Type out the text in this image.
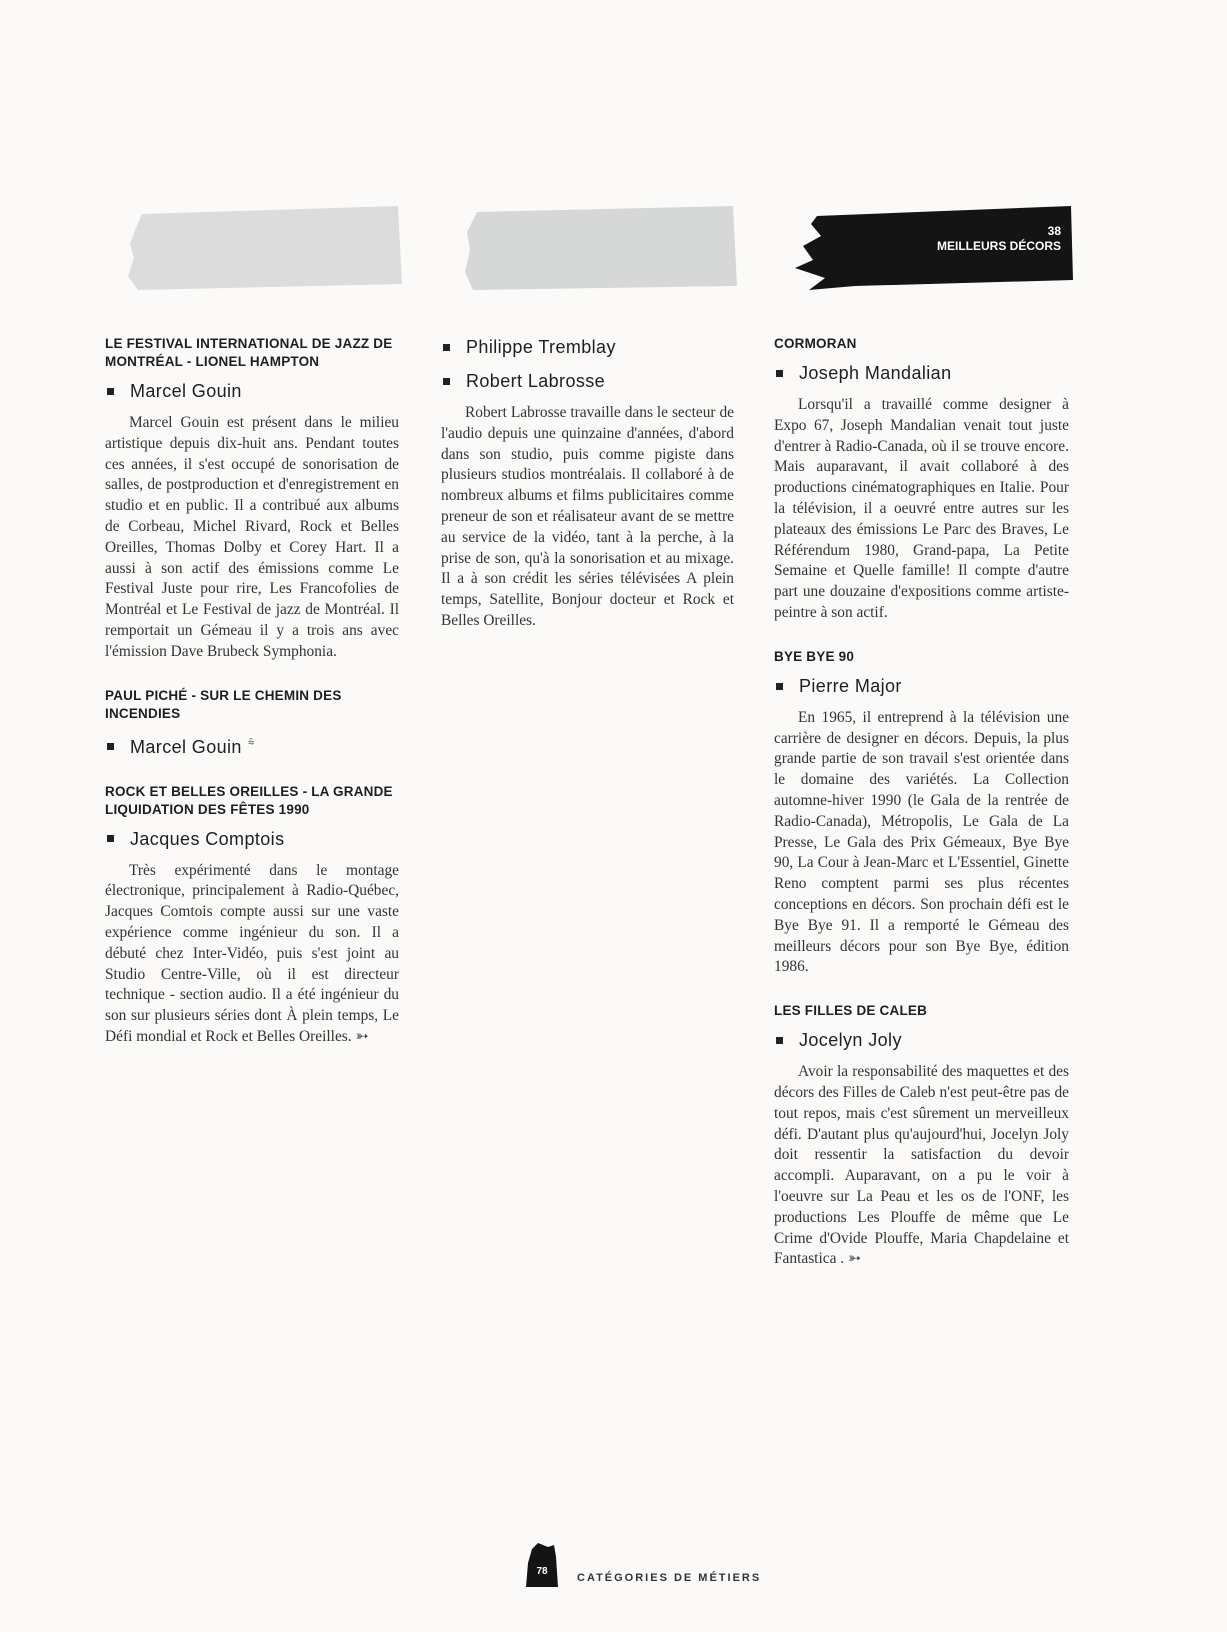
38
MEILLEURS DÉCORS
LE FESTIVAL INTERNATIONAL DE JAZZ DE MONTRÉAL - LIONEL HAMPTON
Marcel Gouin

Marcel Gouin est présent dans le milieu artistique depuis dix-huit ans. Pendant toutes ces années, il s'est occupé de sonorisation de salles, de postproduction et d'enregistrement en studio et en public. Il a contribué aux albums de Corbeau, Michel Rivard, Rock et Belles Oreilles, Thomas Dolby et Corey Hart. Il a aussi à son actif des émissions comme Le Festival Juste pour rire, Les Francofolies de Montréal et Le Festival de jazz de Montréal. Il remportait un Gémeau il y a trois ans avec l'émission Dave Brubeck Symphonia.

PAUL PICHÉ - SUR LE CHEMIN DES INCENDIES
Marcel Gouin ⩯
ROCK ET BELLES OREILLES - LA GRANDE LIQUIDATION DES FÊTES 1990
Jacques Comptois

Très expérimenté dans le montage électronique, principalement à Radio-Québec, Jacques Comtois compte aussi sur une vaste expérience comme ingénieur du son. Il a débuté chez Inter-Vidéo, puis s'est joint au Studio Centre-Ville, où il est directeur technique - section audio. Il a été ingénieur du son sur plusieurs séries dont À plein temps, Le Défi mondial et Rock et Belles Oreilles. ➳

Philippe Tremblay
Robert Labrosse

Robert Labrosse travaille dans le secteur de l'audio depuis une quinzaine d'années, d'abord dans son studio, puis comme pigiste dans plusieurs studios montréalais. Il collaboré à de nombreux albums et films publicitaires comme preneur de son et réalisateur avant de se mettre au service de la vidéo, tant à la perche, à la prise de son, qu'à la sonorisation et au mixage. Il a à son crédit les séries télévisées A plein temps, Satellite, Bonjour docteur et Rock et Belles Oreilles.

CORMORAN
Joseph Mandalian

Lorsqu'il a travaillé comme designer à Expo 67, Joseph Mandalian venait tout juste d'entrer à Radio-Canada, où il se trouve encore. Mais auparavant, il avait collaboré à des productions cinématographiques en Italie. Pour la télévision, il a oeuvré entre autres sur les plateaux des émissions Le Parc des Braves, Le Référendum 1980, Grand-papa, La Petite Semaine et Quelle famille! Il compte d'autre part une douzaine d'expositions comme artiste-peintre à son actif.

BYE BYE 90
Pierre Major

En 1965, il entreprend à la télévision une carrière de designer en décors. Depuis, la plus grande partie de son travail s'est orientée dans le domaine des variétés. La Collection automne-hiver 1990 (le Gala de la rentrée de Radio-Canada), Métropolis, Le Gala de La Presse, Le Gala des Prix Gémeaux, Bye Bye 90, La Cour à Jean-Marc et L'Essentiel, Ginette Reno comptent parmi ses plus récentes conceptions en décors. Son prochain défi est le Bye Bye 91. Il a remporté le Gémeau des meilleurs décors pour son Bye Bye, édition 1986.

LES FILLES DE CALEB
Jocelyn Joly

Avoir la responsabilité des maquettes et des décors des Filles de Caleb n'est peut-être pas de tout repos, mais c'est sûrement un merveilleux défi. D'autant plus qu'aujourd'hui, Jocelyn Joly doit ressentir la satisfaction du devoir accompli. Auparavant, on a pu le voir à l'oeuvre sur La Peau et les os de l'ONF, les productions Les Plouffe de même que Le Crime d'Ovide Plouffe, Maria Chapdelaine et Fantastica . ➳

78
CATÉGORIES DE MÉTIERS
